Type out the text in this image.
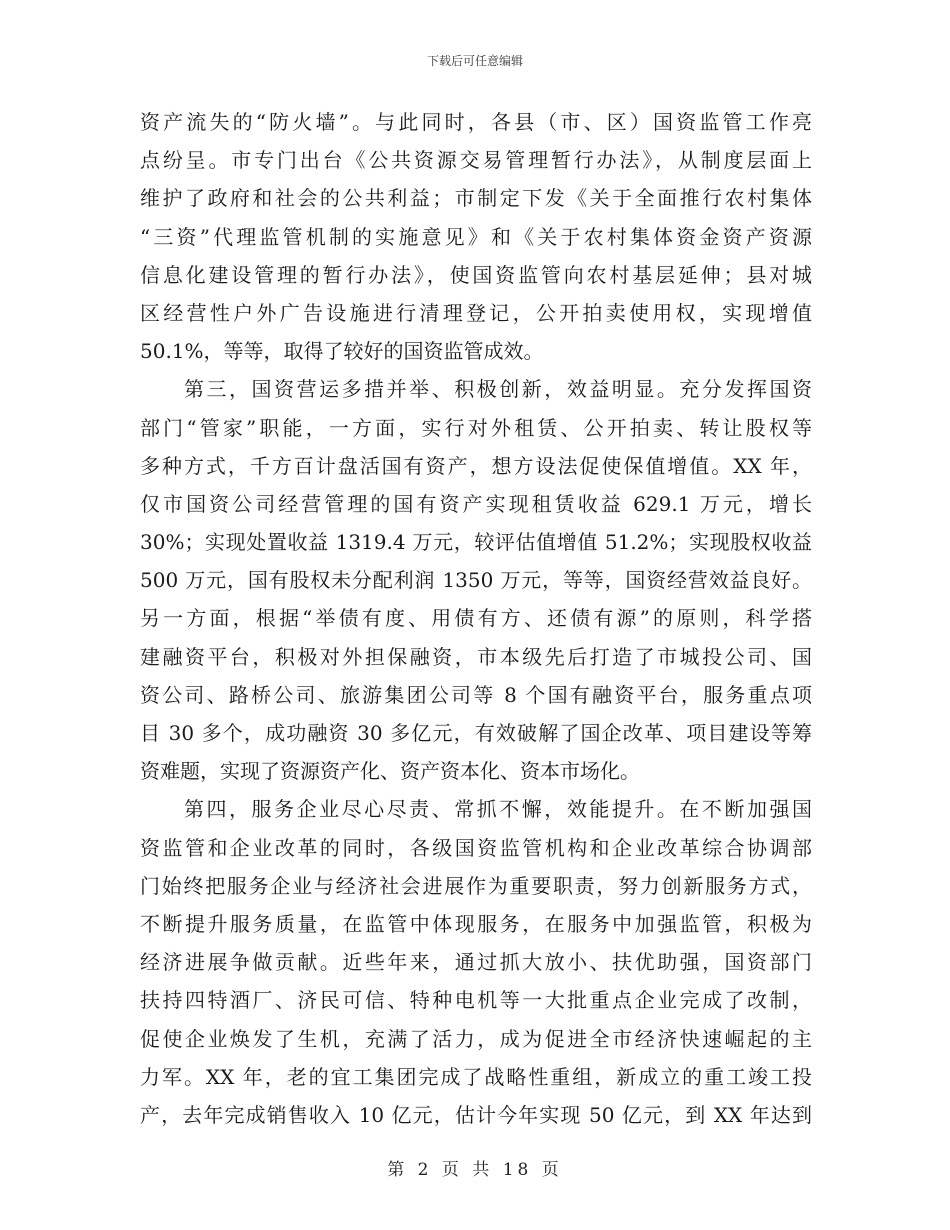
下载后可任意编辑
资产流失的“防火墙”。与此同时，各县（市、区）国资监管工作亮
点纷呈。市专门出台《公共资源交易管理暂行办法》，从制度层面上
维护了政府和社会的公共利益；市制定下发《关于全面推行农村集体
“三资”代理监管机制的实施意见》和《关于农村集体资金资产资源
信息化建设管理的暂行办法》，使国资监管向农村基层延伸；县对城
区经营性户外广告设施进行清理登记，公开拍卖使用权，实现增值
50.1%，等等，取得了较好的国资监管成效。
第三，国资营运多措并举、积极创新，效益明显。充分发挥国资
部门“管家”职能，一方面，实行对外租赁、公开拍卖、转让股权等
多种方式，千方百计盘活国有资产，想方设法促使保值增值。XX 年，
仅市国资公司经营管理的国有资产实现租赁收益 629.1 万元，增长
30%；实现处置收益 1319.4 万元，较评估值增值 51.2%；实现股权收益
500 万元，国有股权未分配利润 1350 万元，等等，国资经营效益良好。
另一方面，根据“举债有度、用债有方、还债有源”的原则，科学搭
建融资平台，积极对外担保融资，市本级先后打造了市城投公司、国
资公司、路桥公司、旅游集团公司等 8 个国有融资平台，服务重点项
目 30 多个，成功融资 30 多亿元，有效破解了国企改革、项目建设等筹
资难题，实现了资源资产化、资产资本化、资本市场化。
第四，服务企业尽心尽责、常抓不懈，效能提升。在不断加强国
资监管和企业改革的同时，各级国资监管机构和企业改革综合协调部
门始终把服务企业与经济社会进展作为重要职责，努力创新服务方式，
不断提升服务质量，在监管中体现服务，在服务中加强监管，积极为
经济进展争做贡献。近些年来，通过抓大放小、扶优助强，国资部门
扶持四特酒厂、济民可信、特种电机等一大批重点企业完成了改制，
促使企业焕发了生机，充满了活力，成为促进全市经济快速崛起的主
力军。XX 年，老的宜工集团完成了战略性重组，新成立的重工竣工投
产，去年完成销售收入 10 亿元，估计今年实现 50 亿元，到 XX 年达到
第 2 页 共 18 页
